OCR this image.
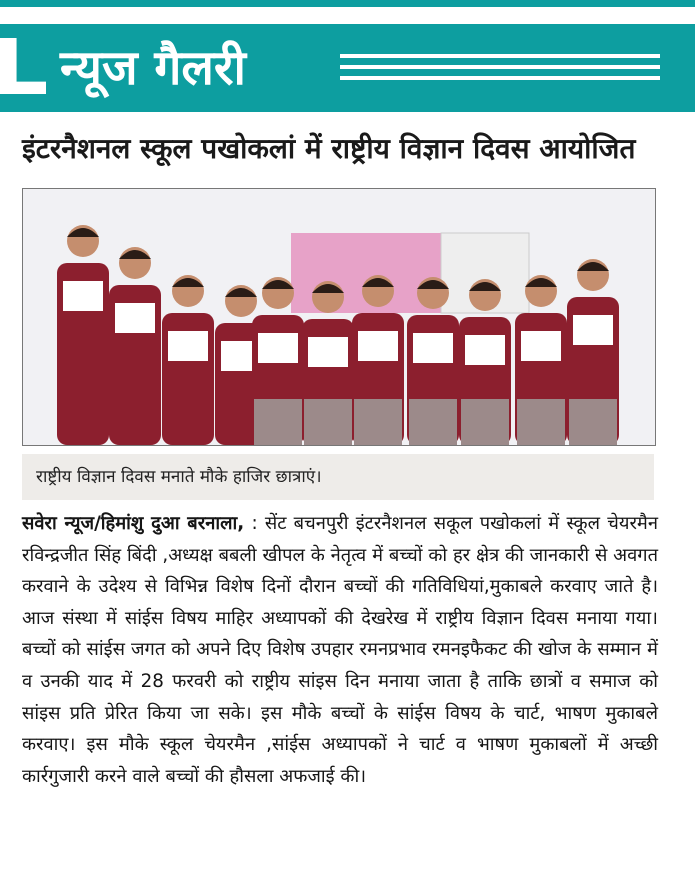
न्यूज गैलरी
इंटरनैशनल स्कूल पखोकलां में राष्ट्रीय विज्ञान दिवस आयोजित
राष्ट्रीय विज्ञान दिवस मनाते मौके हाजिर छात्राएं।
सवेरा न्यूज/हिमांशु दुआ बरनाला, : सेंट बचनपुरी इंटरनैशनल सकूल पखोकलां में स्कूल चेयरमैन रविन्द्रजीत सिंह बिंदी ,अध्यक्ष बबली खीपल के नेतृत्व में बच्चों को हर क्षेत्र की जानकारी से अवगत करवाने के उदेश्य से विभिन्न विशेष दिनों दौरान बच्चों की गतिविधियां,मुकाबले करवाए जाते है। आज संस्था में सांईस विषय माहिर अध्यापकों की देखरेख में राष्ट्रीय विज्ञान दिवस मनाया गया। बच्चों को सांईस जगत को अपने दिए विशेष उपहार रमनप्रभाव रमनइफैकट की खोज के सम्मान में व उनकी याद में 28 फरवरी को राष्ट्रीय सांइस दिन मनाया जाता है ताकि छात्रों व समाज को सांइस प्रति प्रेरित किया जा सके। इस मौके बच्चों के सांईस विषय के चार्ट, भाषण मुकाबले करवाए। इस मौके स्कूल चेयरमैन ,सांईस अध्यापकों ने चार्ट व भाषण मुकाबलों में अच्छी कार्रगुजारी करने वाले बच्चों की हौसला अफजाई की।
